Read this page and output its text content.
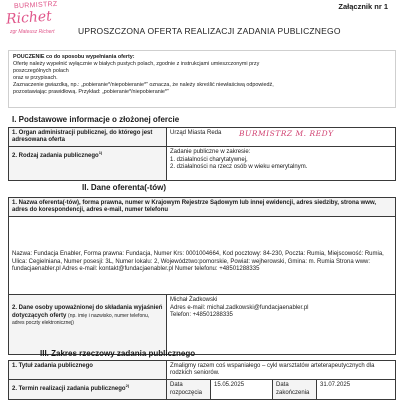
BURMISTRZ
Richet
zgr Mateusz Richert
Załącznik nr 1
UPROSZCZONA OFERTA REALIZACJI ZADANIA PUBLICZNEGO
POUCZENIE co do sposobu wypełniania oferty:
Ofertę należy wypełnić wyłącznie w białych pustych polach, zgodnie z instrukcjami umieszczonymi przy
poszczególnych polach
oraz w przypisach.
Zaznaczenie gwiazdką, np.: „pobieranie*/niepobieranie*” oznacza, że należy skreślić niewłaściwą odpowiedź,
pozostawiając prawidłową. Przykład: „pobieranie*/niepobieranie*”
I. Podstawowe informacje o złożonej ofercie
1. Organ administracji publicznej, do którego jest adresowana oferta	Urząd Miasta Reda BURMISTRZ M. REDY

2. Rodzaj zadania publicznego$^{1)}$	Zadanie publiczne w zakresie:
1. działalności charytatywnej,
2. działalności na rzecz osób w wieku emerytalnym.
II. Dane oferenta(-tów)
1. Nazwa oferenta(-tów), forma prawna, numer w Krajowym Rejestrze Sądowym lub innej ewidencji, adres siedziby, strona www, adres do korespondencji, adres e-mail, numer telefonu
Nazwa: Fundacja Enabler, Forma prawna: Fundacja, Numer Krs: 0001004664, Kod pocztowy: 84-230, Poczta: Rumia, Miejscowość: Rumia, Ulica: Cegielniana, Numer posesji: 3L, Numer lokalu: 2, Województwo:pomorskie, Powiat: wejherowski, Gmina: m. Rumia Strona www: fundacjaenabler.pl Adres e-mail: kontakt@fundacjaenabler.pl Numer telefonu: +48501288335
2. Dane osoby upoważnionej do składania wyjaśnień dotyczących oferty (np. imię i nazwisko, numer telefonu, adres poczty elektronicznej)	
Michał Żadkowski
Adres e-mail: michal.zadkowski@fundacjaenabler.pl
Telefon: +48501288335
III. Zakres rzeczowy zadania publicznego
1. Tytuł zadania publicznego	Zmaligmy razem coś wspaniałego – cykl warsztatów arteterapeutycznych dla rodzkich seniorów.			
2. Termin realizacji zadania publicznego$^{2)}$	Data rozpoczęcia	15.05.2025	Data zakończenia	31.07.2025
